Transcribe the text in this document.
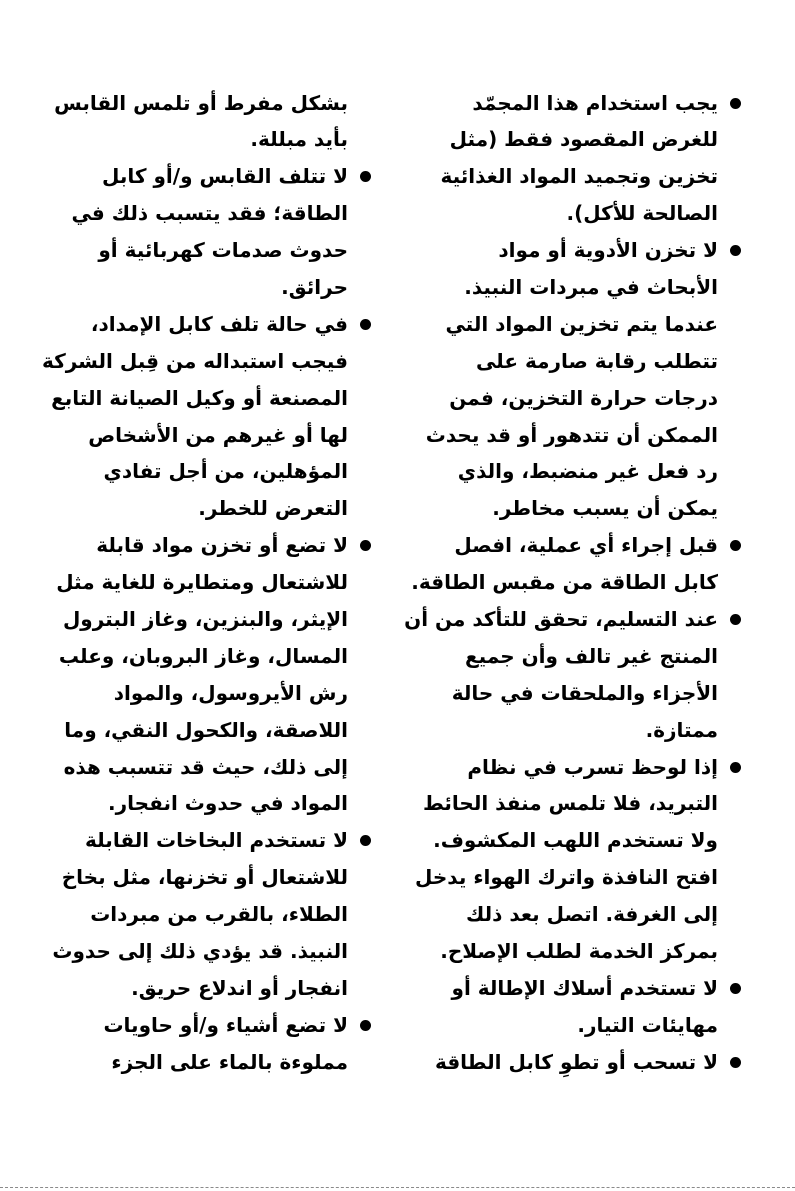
يجب استخدام هذا المجمّد
للغرض المقصود فقط (مثل
تخزين وتجميد المواد الغذائية
الصالحة للأكل).
لا تخزن الأدوية أو مواد
الأبحاث في مبردات النبيذ.
عندما يتم تخزين المواد التي
تتطلب رقابة صارمة على
درجات حرارة التخزين، فمن
الممكن أن تتدهور أو قد يحدث
رد فعل غير منضبط، والذي
يمكن أن يسبب مخاطر.
قبل إجراء أي عملية، افصل
كابل الطاقة من مقبس الطاقة.
عند التسليم، تحقق للتأكد من أن
المنتج غير تالف وأن جميع
الأجزاء والملحقات في حالة
ممتازة.
إذا لوحظ تسرب في نظام
التبريد، فلا تلمس منفذ الحائط
ولا تستخدم اللهب المكشوف.
افتح النافذة واترك الهواء يدخل
إلى الغرفة. اتصل بعد ذلك
بمركز الخدمة لطلب الإصلاح.
لا تستخدم أسلاك الإطالة أو
مهايئات التيار.
لا تسحب أو تطوِ كابل الطاقة
بشكل مفرط أو تلمس القابس
بأيد مبللة.
لا تتلف القابس و/أو كابل
الطاقة؛ فقد يتسبب ذلك في
حدوث صدمات كهربائية أو
حرائق.
في حالة تلف كابل الإمداد،
فيجب استبداله من قِبل الشركة
المصنعة أو وكيل الصيانة التابع
لها أو غيرهم من الأشخاص
المؤهلين، من أجل تفادي
التعرض للخطر.
لا تضع أو تخزن مواد قابلة
للاشتعال ومتطايرة للغاية مثل
الإيثر، والبنزين، وغاز البترول
المسال، وغاز البروبان، وعلب
رش الأيروسول، والمواد
اللاصقة، والكحول النقي، وما
إلى ذلك، حيث قد تتسبب هذه
المواد في حدوث انفجار.
لا تستخدم البخاخات القابلة
للاشتعال أو تخزنها، مثل بخاخ
الطلاء، بالقرب من مبردات
النبيذ. قد يؤدي ذلك إلى حدوث
انفجار أو اندلاع حريق.
لا تضع أشياء و/أو حاويات
مملوءة بالماء على الجزء
